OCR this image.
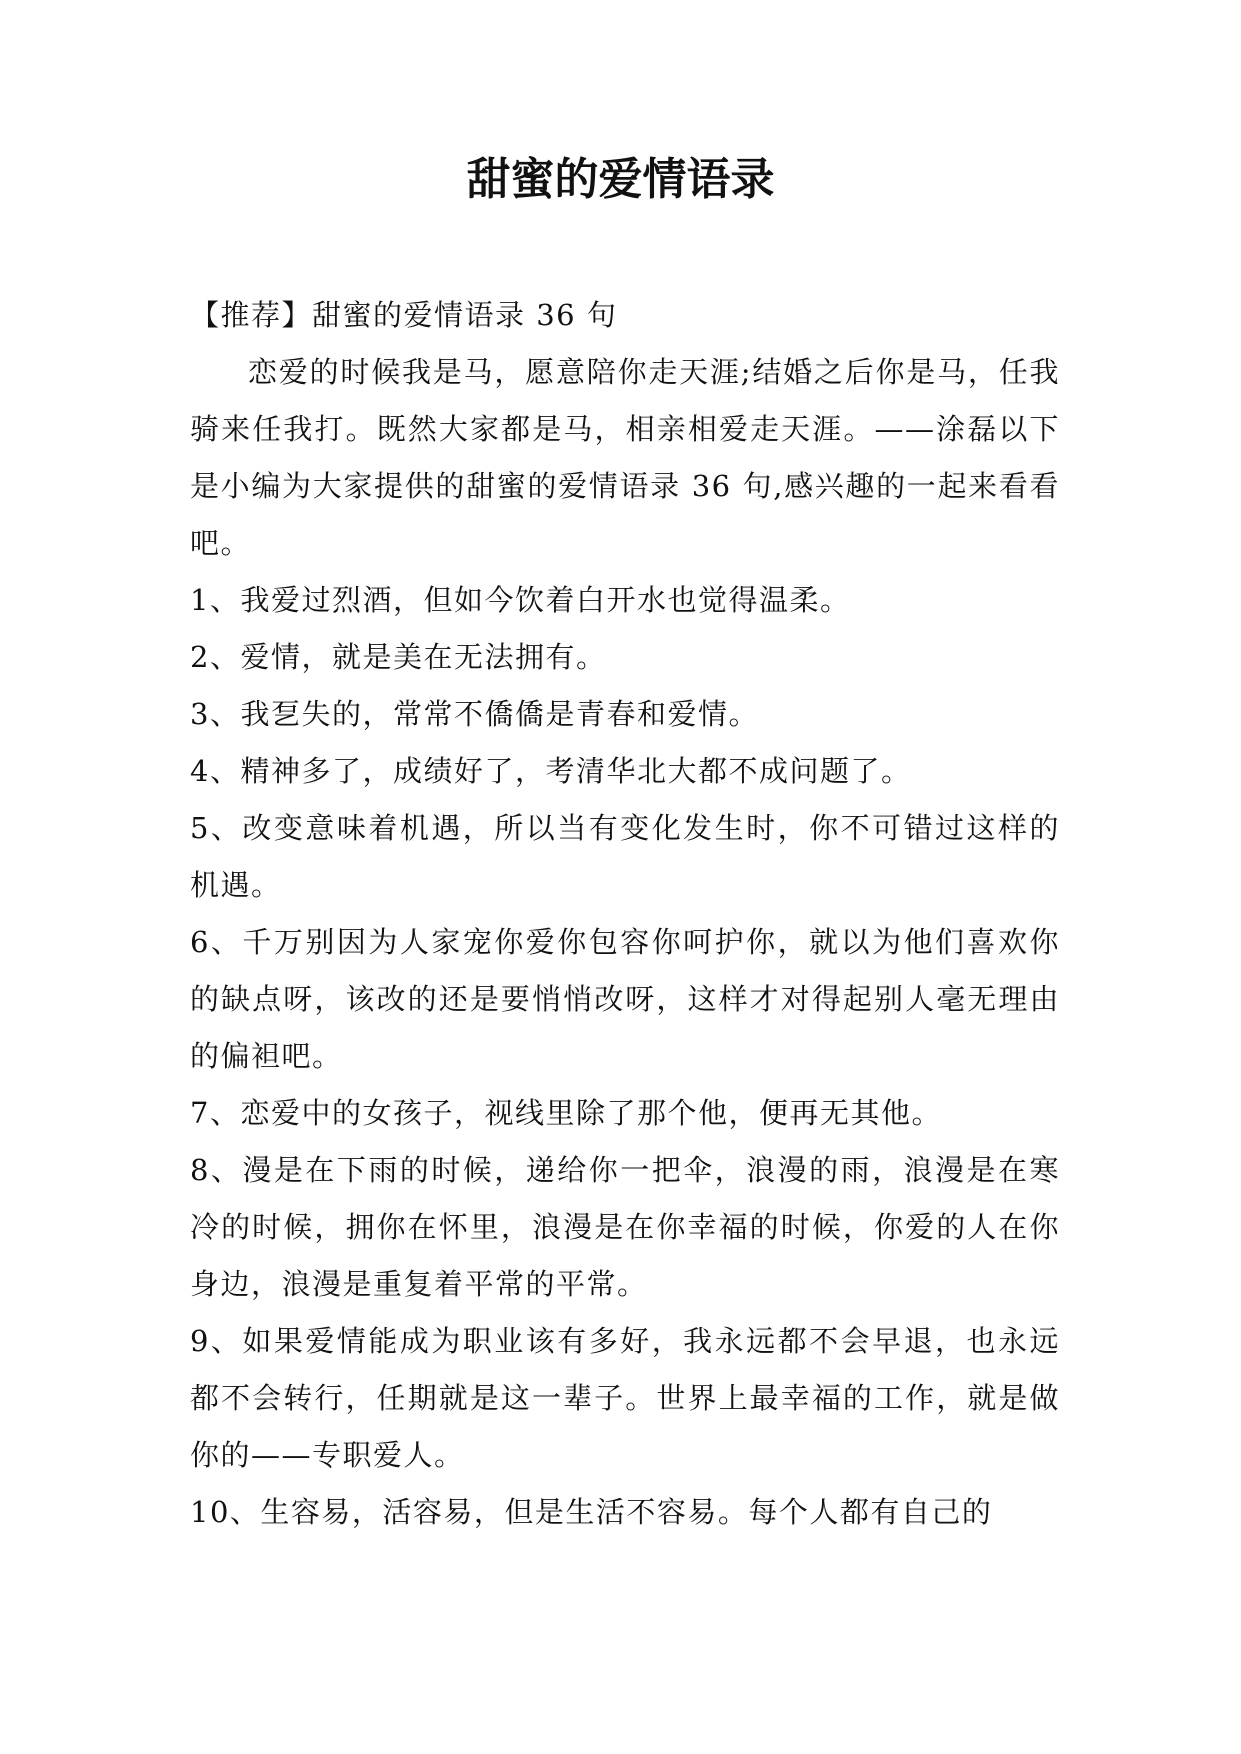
甜蜜的爱情语录

【推荐】甜蜜的爱情语录 36 句

恋爱的时候我是马，愿意陪你走天涯;结婚之后你是马，任我骑来任我打。既然大家都是马，相亲相爱走天涯。——涂磊以下是小编为大家提供的甜蜜的爱情语录 36 句,感兴趣的一起来看看吧。

1、我爱过烈酒，但如今饮着白开水也觉得温柔。

2、爱情，就是美在无法拥有。

3、我乭失的，常常不僑僑是青春和爱情。

4、精神多了，成绩好了，考清华北大都不成问题了。

5、改变意味着机遇，所以当有变化发生时，你不可错过这样的机遇。

6、千万别因为人家宠你爱你包容你呵护你，就以为他们喜欢你的缺点呀，该改的还是要悄悄改呀，这样才对得起别人毫无理由的偏袒吧。

7、恋爱中的女孩子，视线里除了那个他，便再无其他。

8、漫是在下雨的时候，递给你一把伞，浪漫的雨，浪漫是在寒冷的时候，拥你在怀里，浪漫是在你幸福的时候，你爱的人在你身边，浪漫是重复着平常的平常。

9、如果爱情能成为职业该有多好，我永远都不会早退，也永远都不会转行，任期就是这一辈子。世界上最幸福的工作，就是做你的——专职爱人。

10、生容易，活容易，但是生活不容易。每个人都有自己的
